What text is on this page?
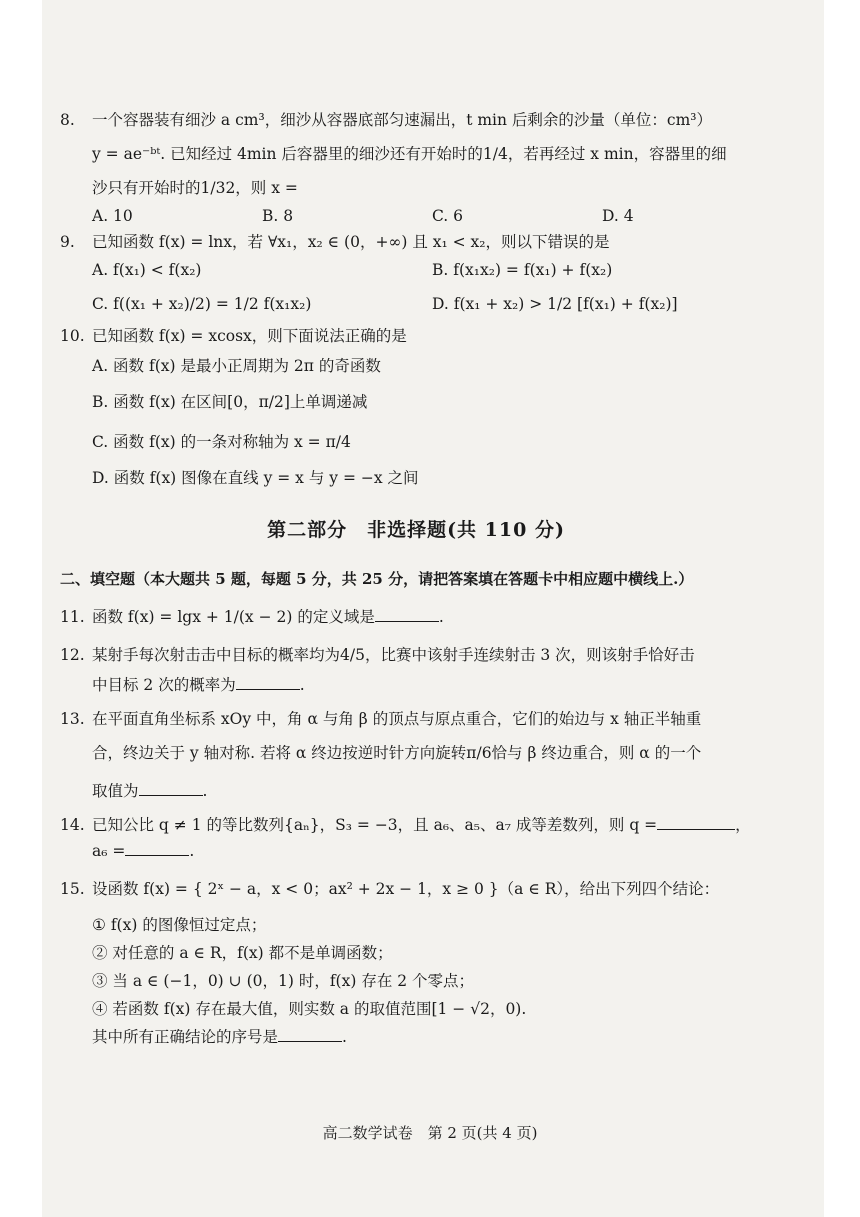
8.	一个容器装有细沙 a cm³，细沙从容器底部匀速漏出，t min 后剩余的沙量（单位：cm³）
y = ae⁻ᵇᵗ. 已知经过 4min 后容器里的细沙还有开始时的1/4，若再经过 x min，容器里的细
沙只有开始时的1/32，则 x =
A. 10	B. 8	C. 6	D. 4
9.	已知函数 f(x) = lnx，若 ∀x₁，x₂ ∈ (0，+∞) 且 x₁ < x₂，则以下错误的是
A. f(x₁) < f(x₂)	B. f(x₁x₂) = f(x₁) + f(x₂)
C. f((x₁ + x₂)/2) = 1/2 f(x₁x₂)	D. f(x₁ + x₂) > 1/2 [f(x₁) + f(x₂)]
10. 已知函数 f(x) = xcosx，则下面说法正确的是
A. 函数 f(x) 是最小正周期为 2π 的奇函数
B. 函数 f(x) 在区间[0，π/2]上单调递减
C. 函数 f(x) 的一条对称轴为 x = π/4
D. 函数 f(x) 图像在直线 y = x 与 y = −x 之间
第二部分　非选择题(共 110 分)
二、填空题（本大题共 5 题，每题 5 分，共 25 分，请把答案填在答题卡中相应题中横线上.）
11. 函数 f(x) = lgx + 1/(x − 2) 的定义域是	.
12. 某射手每次射击击中目标的概率均为4/5，比赛中该射手连续射击 3 次，则该射手恰好击
中目标 2 次的概率为	.
13. 在平面直角坐标系 xOy 中，角 α 与角 β 的顶点与原点重合，它们的始边与 x 轴正半轴重
合，终边关于 y 轴对称. 若将 α 终边按逆时针方向旋转π/6恰与 β 终边重合，则 α 的一个
取值为	.
14. 已知公比 q ≠ 1 的等比数列{aₙ}，S₃ = −3，且 a₆、a₅、a₇ 成等差数列，则 q =	，
a₆ =	.
15. 设函数 f(x) = { 2ˣ − a，x < 0；ax² + 2x − 1，x ≥ 0 }（a ∈ R），给出下列四个结论：
① f(x) 的图像恒过定点；
② 对任意的 a ∈ R，f(x) 都不是单调函数；
③ 当 a ∈ (−1，0) ∪ (0，1) 时，f(x) 存在 2 个零点；
④ 若函数 f(x) 存在最大值，则实数 a 的取值范围[1 − √2，0).
其中所有正确结论的序号是	.
高二数学试卷　第 2 页(共 4 页)
